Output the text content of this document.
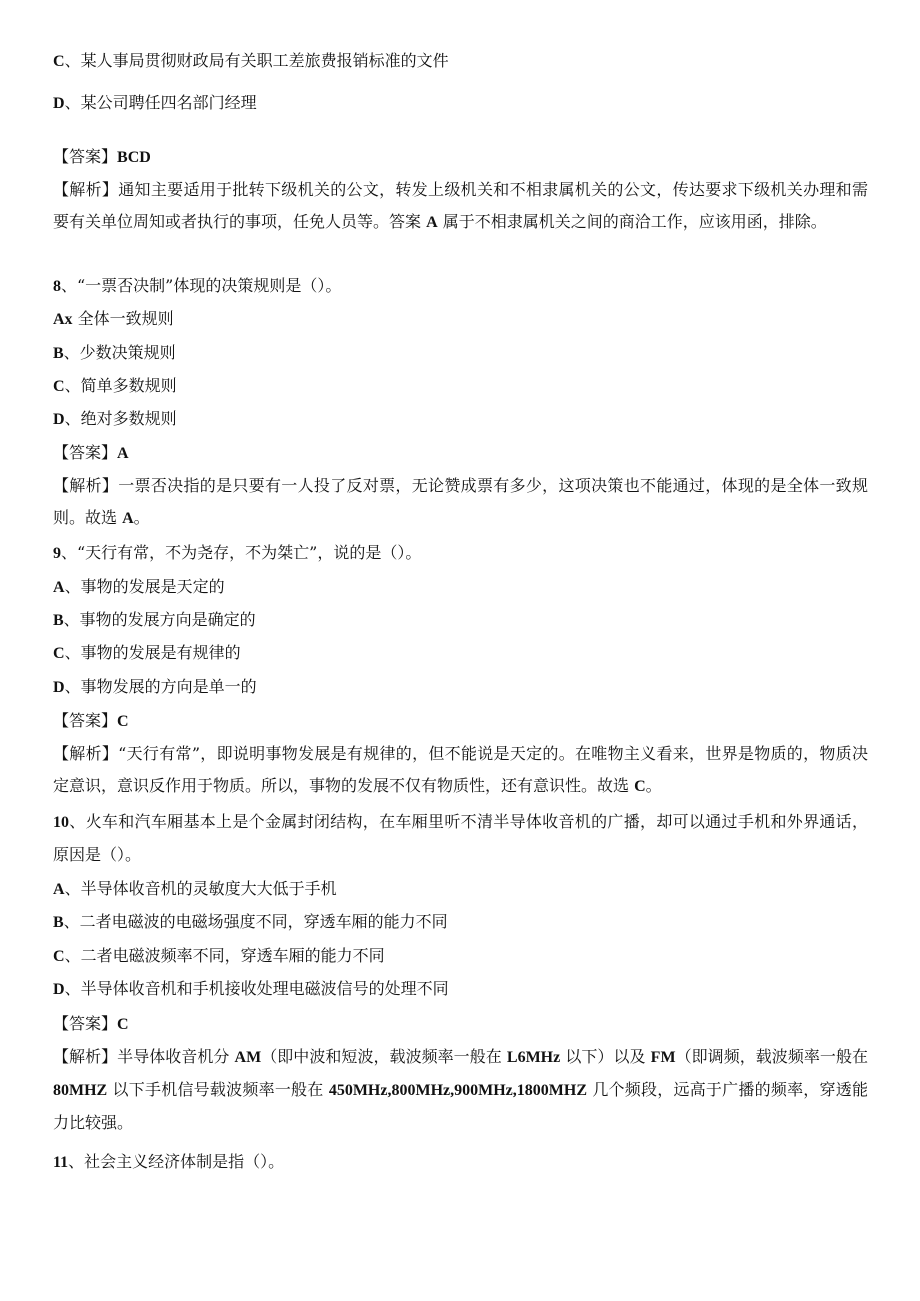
C、某人事局贯彻财政局有关职工差旅费报销标准的文件
D、某公司聘任四名部门经理
【答案】BCD
【解析】通知主要适用于批转下级机关的公文，转发上级机关和不相隶属机关的公文，传达要求下级机关办理和需要有关单位周知或者执行的事项，任免人员等。答案 A 属于不相隶属机关之间的商洽工作，应该用函，排除。
8、“一票否决制”体现的决策规则是（）。
Ax 全体一致规则
B、少数决策规则
C、简单多数规则
D、绝对多数规则
【答案】A
【解析】一票否决指的是只要有一人投了反对票，无论赞成票有多少，这项决策也不能通过，体现的是全体一致规则。故选 A。
9、“天行有常，不为尧存，不为桀亡”，说的是（）。
A、事物的发展是天定的
B、事物的发展方向是确定的
C、事物的发展是有规律的
D、事物发展的方向是单一的
【答案】C
【解析】“天行有常”，即说明事物发展是有规律的，但不能说是天定的。在唯物主义看来，世界是物质的，物质决定意识，意识反作用于物质。所以，事物的发展不仅有物质性，还有意识性。故选 C。
10、火车和汽车厢基本上是个金属封闭结构，在车厢里听不清半导体收音机的广播，却可以通过手机和外界通话，原因是（）。
A、半导体收音机的灵敏度大大低于手机
B、二者电磁波的电磁场强度不同，穿透车厢的能力不同
C、二者电磁波频率不同，穿透车厢的能力不同
D、半导体收音机和手机接收处理电磁波信号的处理不同
【答案】C
【解析】半导体收音机分 AM（即中波和短波，载波频率一般在 L6MHz 以下）以及 FM（即调频，载波频率一般在 80MHZ 以下手机信号载波频率一般在 450MHz,800MHz,900MHz,1800MHZ 几个频段，远高于广播的频率，穿透能力比较强。
11、社会主义经济体制是指（）。
